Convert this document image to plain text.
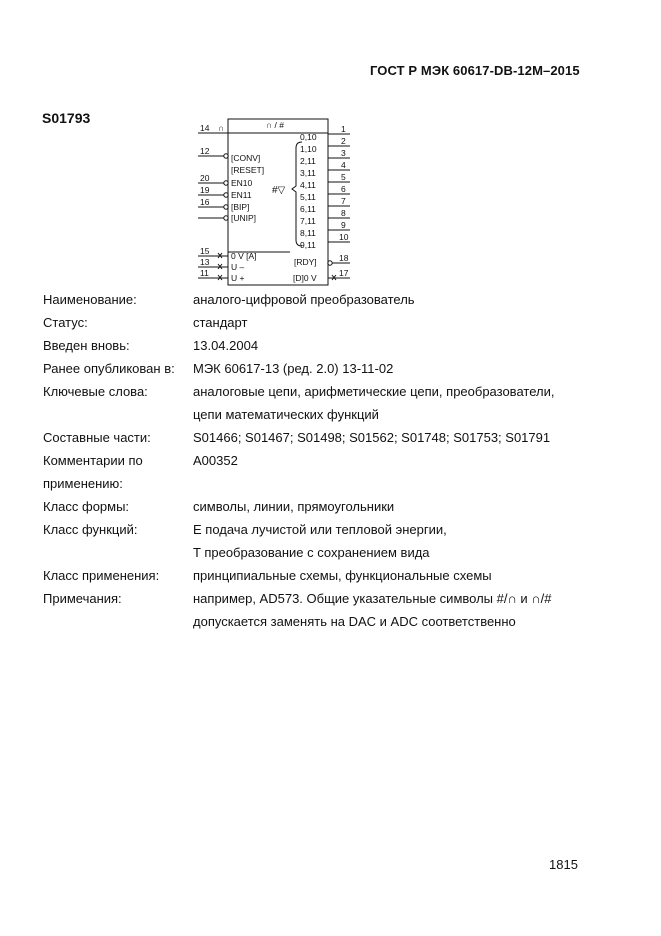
ГОСТ Р МЭК 60617-DB-12M–2015
S01793	∩ / #
14
12
20
19
16
15
13
11
∩
[CONV]
[RESET]
EN10
EN11
[BIP]
[UNIP]
0 V [A]
U –
U +
#▽
0,10
1,10
2,11
3,11
4,11
5,11
6,11
7,11
8,11
9,11
[RDY]
[D]0 V
1
2
3
4
5
6
7
8
9
10
18
17
Наименование:	аналого-цифровой преобразователь
Статус:	стандарт
Введен вновь:	13.04.2004
Ранее опубликован в:	МЭК 60617-13 (ред. 2.0) 13-11-02
Ключевые слова:	аналоговые цепи, арифметические цепи, преобразователи,
цепи математических функций
Составные части:	S01466; S01467; S01498; S01562; S01748; S01753; S01791
Комментарии по применению:
A00352
Класс формы:	символы, линии, прямоугольники
Класс функций:	E подача лучистой или тепловой энергии,
T преобразование с сохранением вида
Класс применения:	принципиальные схемы, функциональные схемы
Примечания:	например, AD573. Общие указательные символы #/∩ и ∩/#
допускается заменять на DAC и ADC соответственно
1815
